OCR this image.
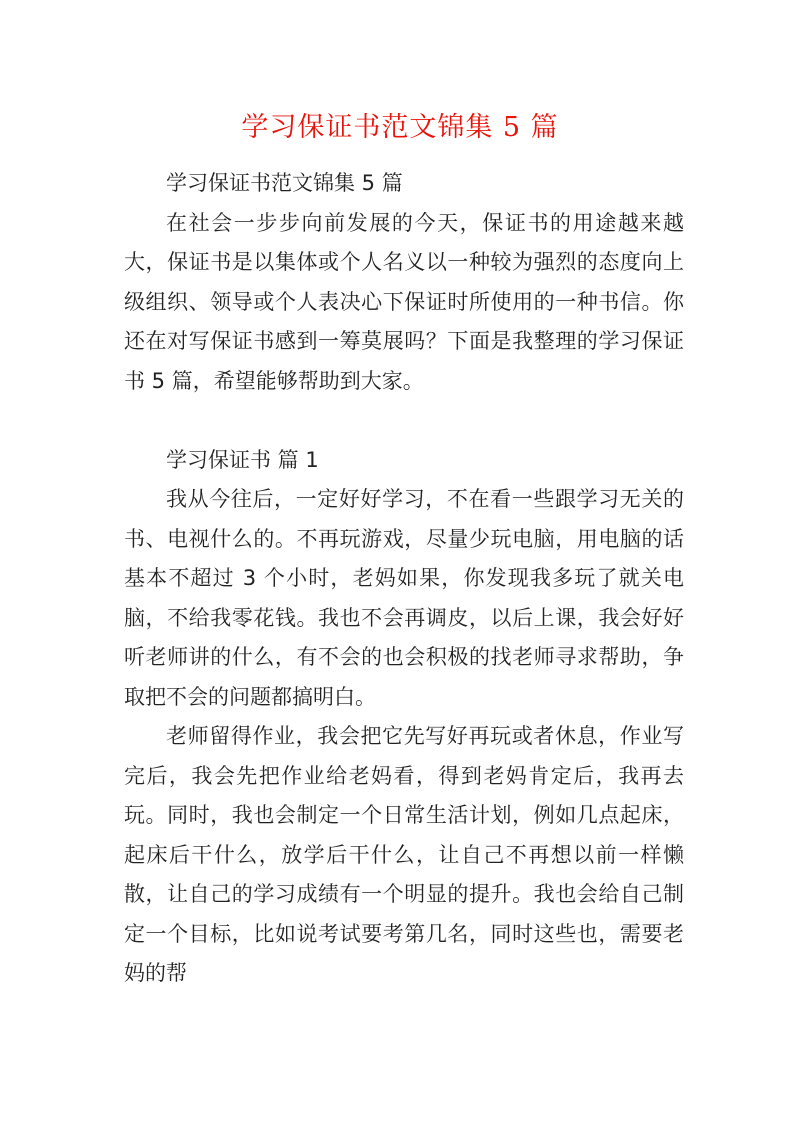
学习保证书范文锦集 5 篇

学习保证书范文锦集 5 篇

在社会一步步向前发展的今天，保证书的用途越来越大，保证书是以集体或个人名义以一种较为强烈的态度向上级组织、领导或个人表决心下保证时所使用的一种书信。你还在对写保证书感到一筹莫展吗？下面是我整理的学习保证书 5 篇，希望能够帮助到大家。

学习保证书 篇 1

我从今往后，一定好好学习，不在看一些跟学习无关的书、电视什么的。不再玩游戏，尽量少玩电脑，用电脑的话基本不超过 3 个小时，老妈如果，你发现我多玩了就关电脑，不给我零花钱。我也不会再调皮，以后上课，我会好好听老师讲的什么，有不会的也会积极的找老师寻求帮助，争取把不会的问题都搞明白。

老师留得作业，我会把它先写好再玩或者休息，作业写完后，我会先把作业给老妈看，得到老妈肯定后，我再去玩。同时，我也会制定一个日常生活计划，例如几点起床，起床后干什么，放学后干什么，让自己不再想以前一样懒散，让自己的学习成绩有一个明显的提升。我也会给自己制定一个目标，比如说考试要考第几名，同时这些也，需要老妈的帮
